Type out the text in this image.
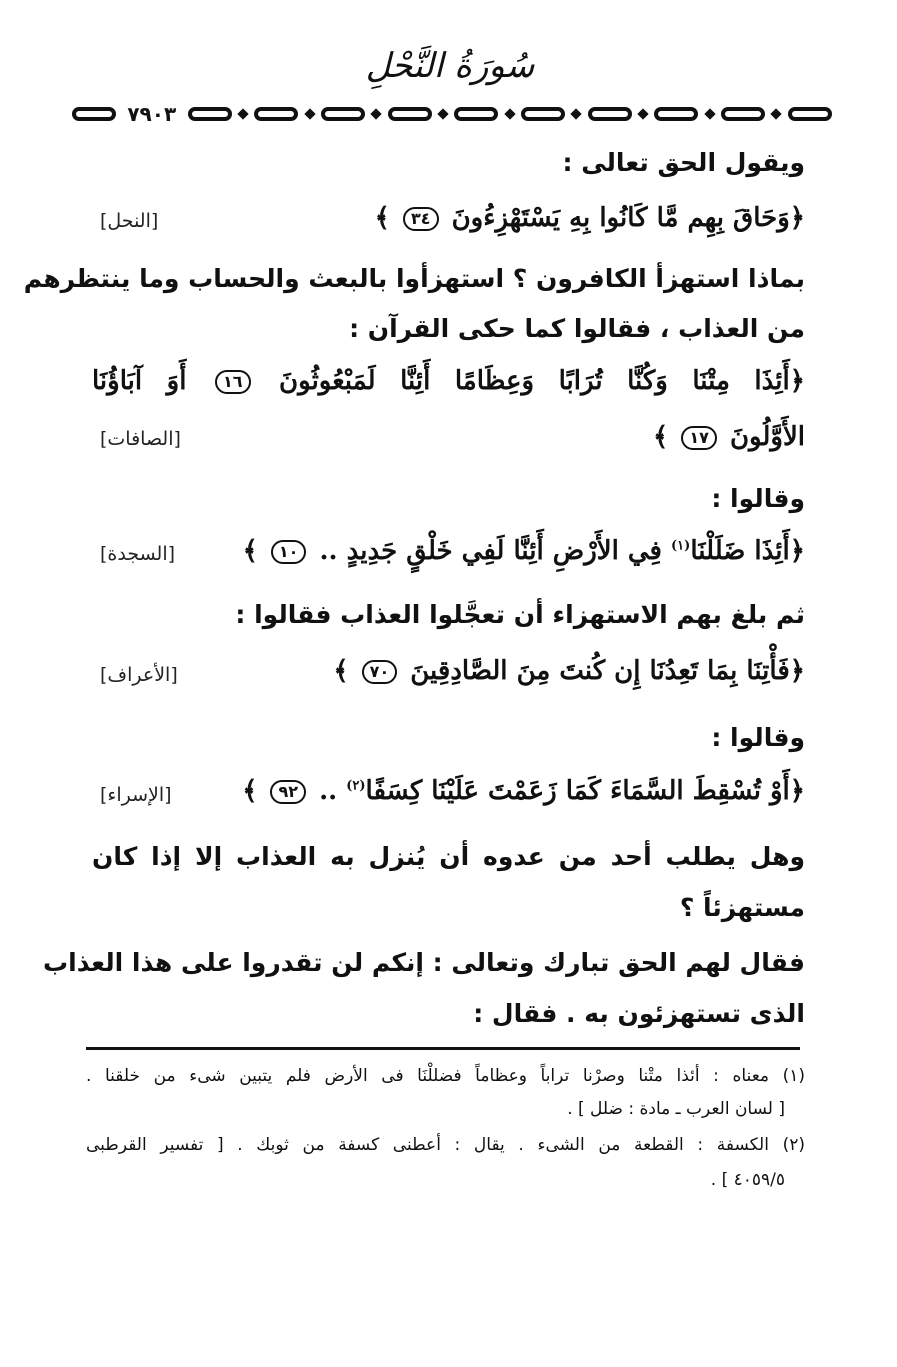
سُورَةُ النَّحْلِ
٧٩٠٣
ويقول الحق تعالى :
﴿وَحَاقَ بِهِم مَّا كَانُوا بِهِ يَسْتَهْزِءُونَ ٣٤ ﴾
[النحل]
بماذا استهزأ الكافرون ؟ استهزأوا بالبعث والحساب وما ينتظرهم
من العذاب ، فقالوا كما حكى القرآن :
﴿أَئِذَا مِتْنَا وَكُنَّا تُرَابًا وَعِظَامًا أَئِنَّا لَمَبْعُوثُونَ ١٦ أَوَ آبَاؤُنَا
الأَوَّلُونَ ١٧ ﴾
[الصافات]
وقالوا :
﴿أَئِذَا ضَلَلْنَا$^{(١)}$ فِي الأَرْضِ أَئِنَّا لَفِي خَلْقٍ جَدِيدٍ .. ١٠ ﴾
[السجدة]
ثم بلغ بهم الاستهزاء أن تعجَّلوا العذاب فقالوا :
﴿فَأْتِنَا بِمَا تَعِدُنَا إِن كُنتَ مِنَ الصَّادِقِينَ ٧٠ ﴾
[الأعراف]
وقالوا :
﴿أَوْ تُسْقِطَ السَّمَاءَ كَمَا زَعَمْتَ عَلَيْنَا كِسَفًا$^{(٢)}$ .. ٩٢ ﴾
[الإسراء]
وهل يطلب أحد من عدوه أن يُنزل به العذاب إلا إذا كان
مستهزئاً ؟
فقال لهم الحق تبارك وتعالى : إنكم لن تقدروا على هذا العذاب
الذى تستهزئون به . فقال :
(١) معناه : أئذا متْنا وصرْنا تراباً وعظاماً فضللْنَا فى الأرض فلم يتبين شىء من خلقنا .
[ لسان العرب ـ مادة : ضلل ] .
(٢) الكسفة : القطعة من الشىء . يقال : أعطنى كسفة من ثوبك . [ تفسير القرطبى
٤٠٥٩/٥ ] .
